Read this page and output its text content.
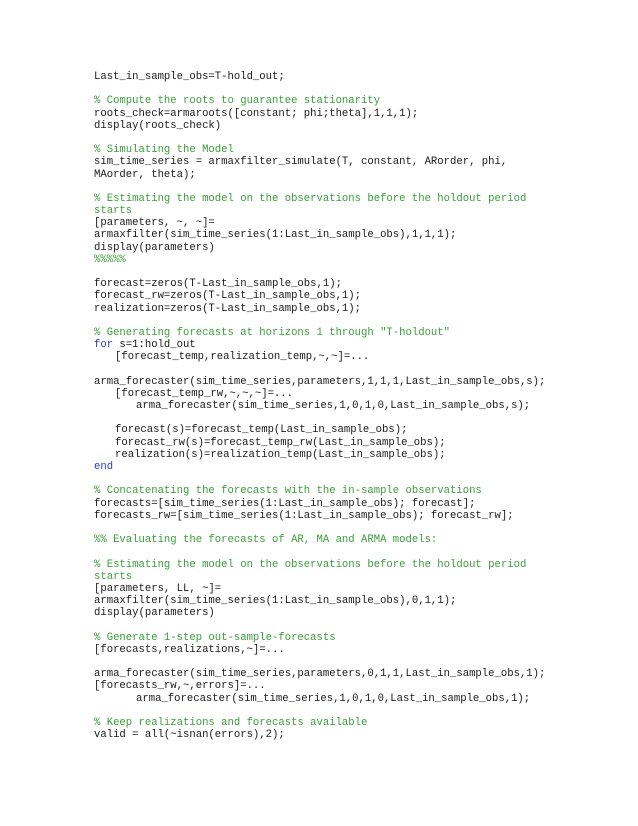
Last_in_sample_obs=T-hold_out;
% Compute the roots to guarantee stationarity
roots_check=armaroots([constant; phi;theta],1,1,1);
display(roots_check)
% Simulating the Model
sim_time_series = armaxfilter_simulate(T, constant, ARorder, phi,
MAorder, theta);
% Estimating the model on the observations before the holdout period
starts
[parameters, ~, ~]=
armaxfilter(sim_time_series(1:Last_in_sample_obs),1,1,1);
display(parameters)
%%%%%
forecast=zeros(T-Last_in_sample_obs,1);
forecast_rw=zeros(T-Last_in_sample_obs,1);
realization=zeros(T-Last_in_sample_obs,1);
% Generating forecasts at horizons 1 through "T-holdout"
for s=1:hold_out
[forecast_temp,realization_temp,~,~]=...
arma_forecaster(sim_time_series,parameters,1,1,1,Last_in_sample_obs,s);
[forecast_temp_rw,~,~,~]=...
arma_forecaster(sim_time_series,1,0,1,0,Last_in_sample_obs,s);
forecast(s)=forecast_temp(Last_in_sample_obs);
forecast_rw(s)=forecast_temp_rw(Last_in_sample_obs);
realization(s)=realization_temp(Last_in_sample_obs);
end
% Concatenating the forecasts with the in-sample observations
forecasts=[sim_time_series(1:Last_in_sample_obs); forecast];
forecasts_rw=[sim_time_series(1:Last_in_sample_obs); forecast_rw];
%% Evaluating the forecasts of AR, MA and ARMA models:
% Estimating the model on the observations before the holdout period
starts
[parameters, LL, ~]=
armaxfilter(sim_time_series(1:Last_in_sample_obs),0,1,1);
display(parameters)
% Generate 1-step out-sample-forecasts
[forecasts,realizations,~]=...
arma_forecaster(sim_time_series,parameters,0,1,1,Last_in_sample_obs,1);
[forecasts_rw,~,errors]=...
arma_forecaster(sim_time_series,1,0,1,0,Last_in_sample_obs,1);
% Keep realizations and forecasts available
valid = all(~isnan(errors),2);
